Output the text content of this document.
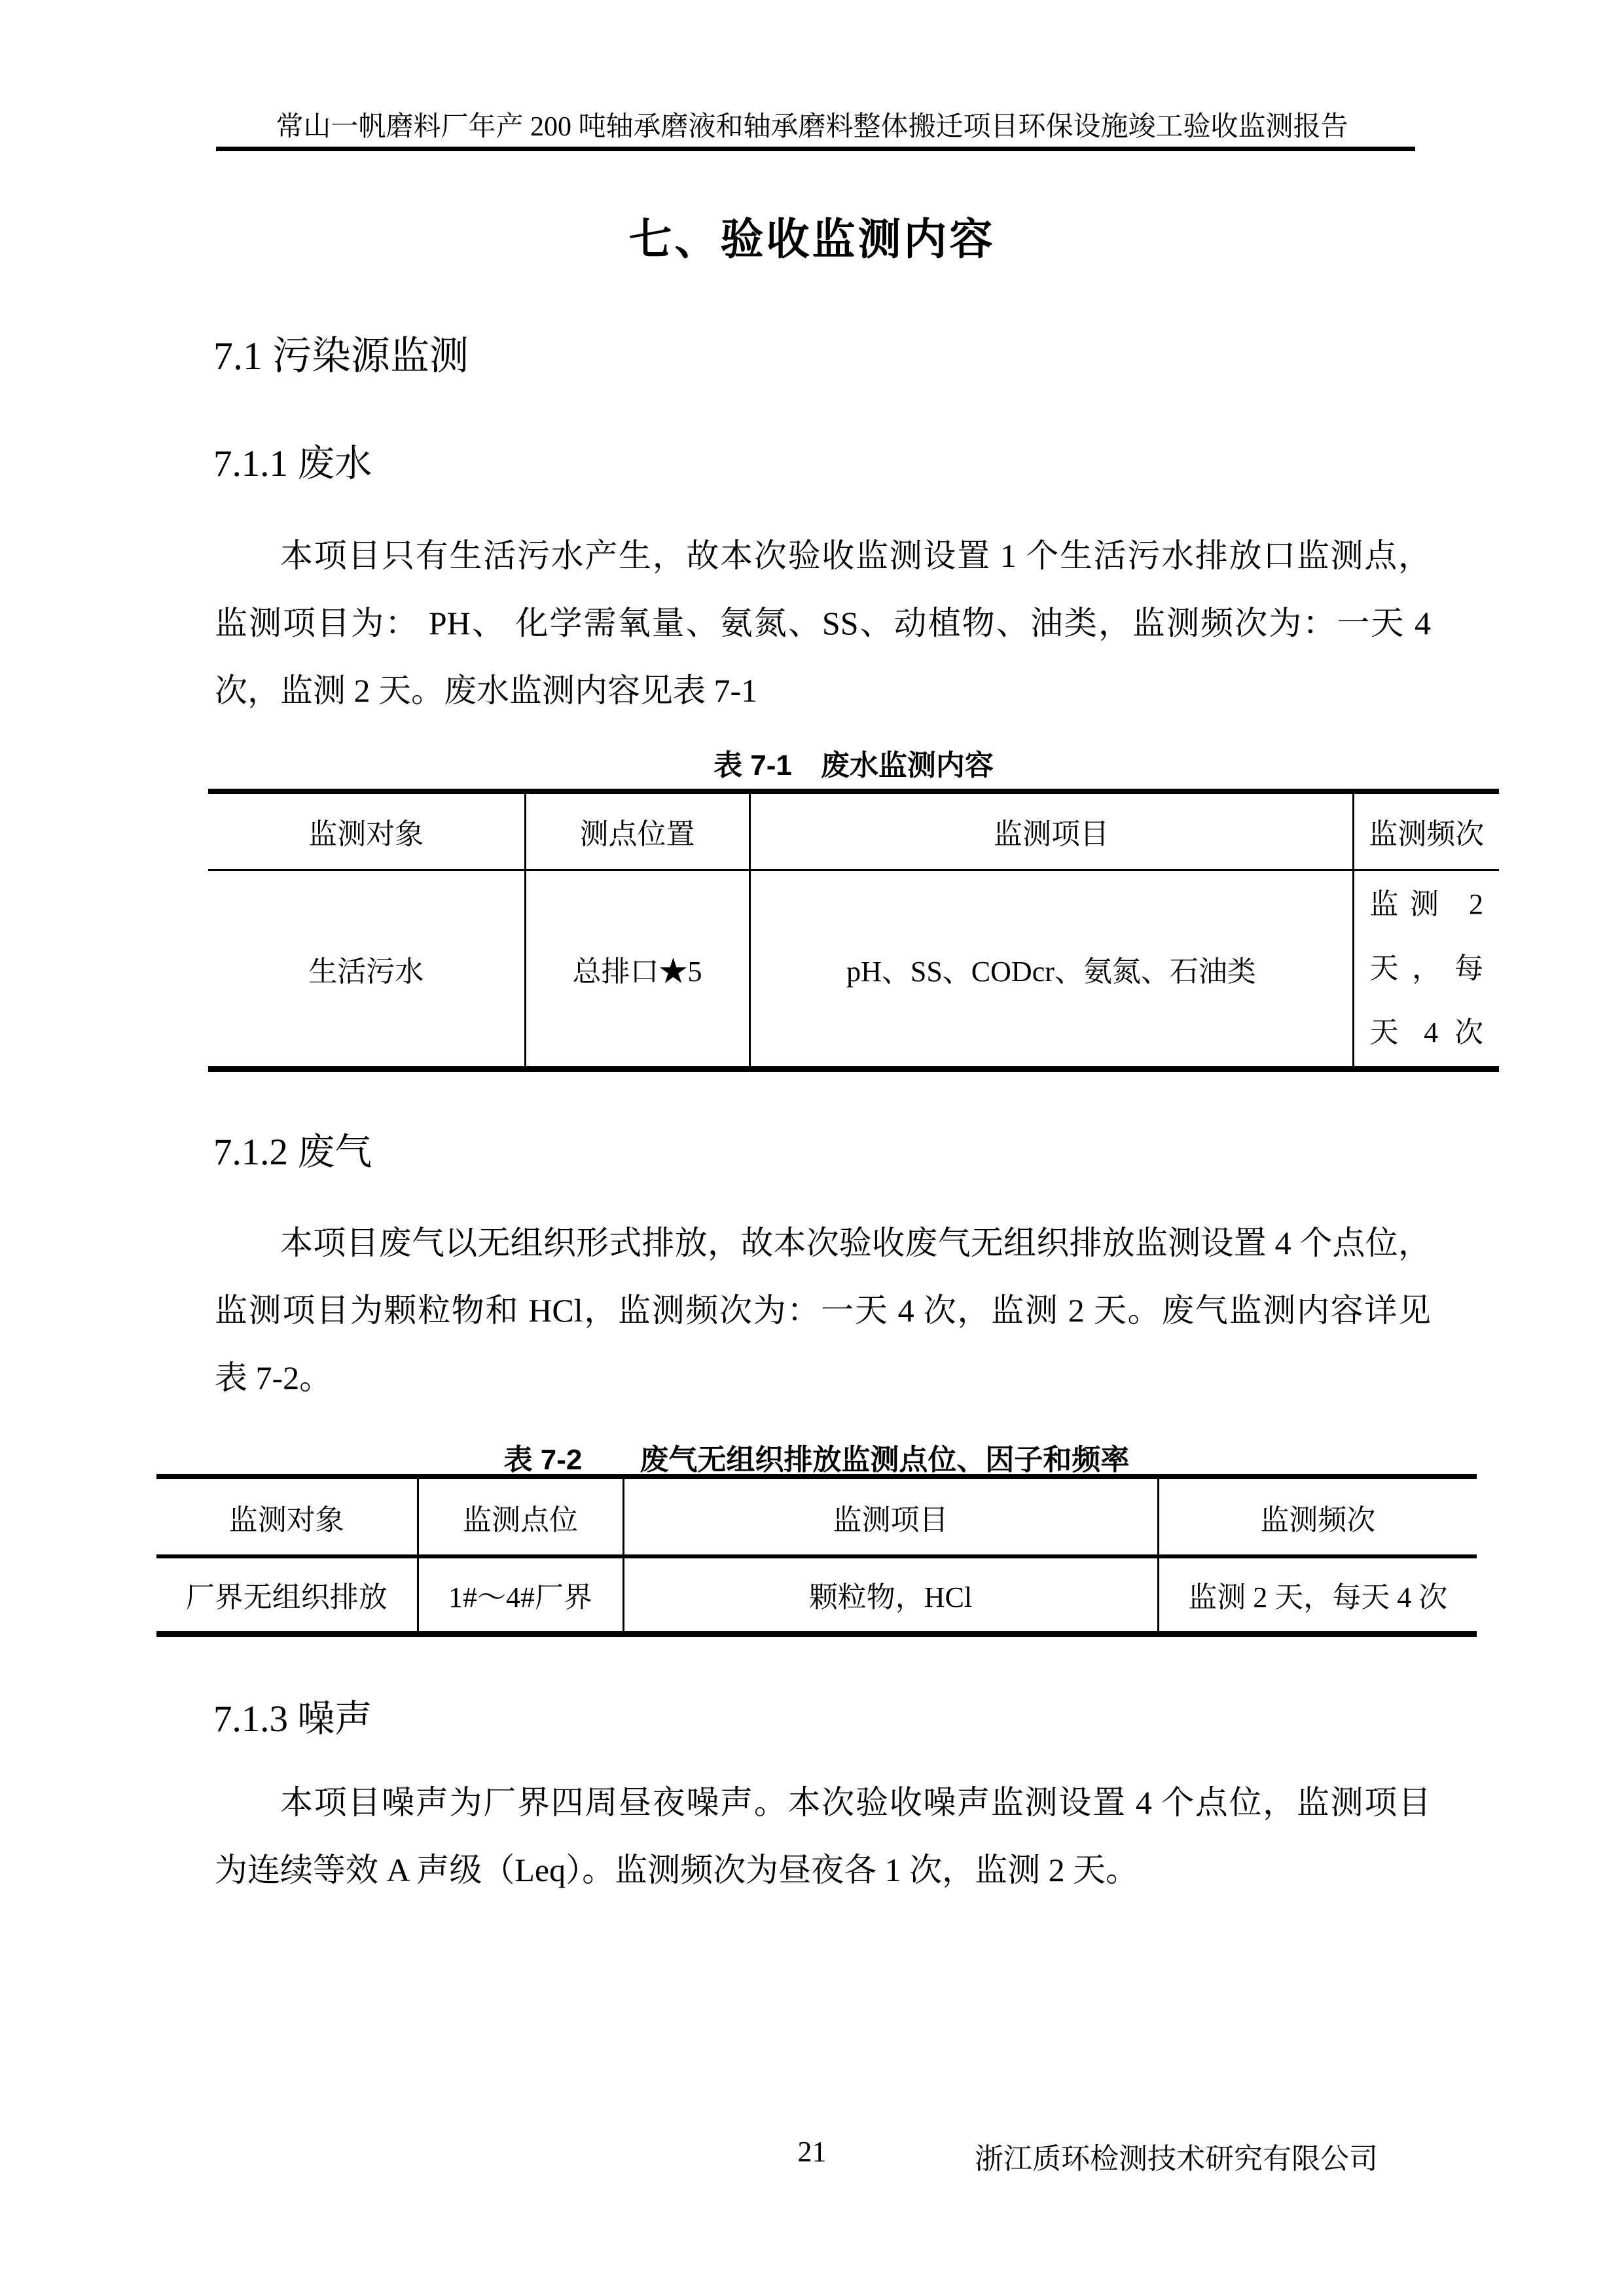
常山一帆磨料厂年产 200 吨轴承磨液和轴承磨料整体搬迁项目环保设施竣工验收监测报告
七、验收监测内容
7.1 污染源监测
7.1.1 废水
本项目只有生活污水产生，故本次验收监测设置 1 个生活污水排放口监测点，
监测项目为： PH、 化学需氧量、氨氮、SS、动植物、油类，监测频次为：一天 4
次，监测 2 天。废水监测内容见表 7-1
表 7-1　废水监测内容
监测对象	测点位置	监测项目	监测频次
生活污水	总排口★5	pH、SS、CODcr、氨氮、石油类	监测 2
天，每
天 4 次
7.1.2 废气
本项目废气以无组织形式排放，故本次验收废气无组织排放监测设置 4 个点位，
监测项目为颗粒物和 HCl，监测频次为：一天 4 次，监测 2 天。废气监测内容详见
表 7-2。
表 7-2　　废气无组织排放监测点位、因子和频率
监测对象	监测点位	监测项目	监测频次
厂界无组织排放	1#～4#厂界	颗粒物，HCl	监测 2 天，每天 4 次
7.1.3 噪声
本项目噪声为厂界四周昼夜噪声。本次验收噪声监测设置 4 个点位，监测项目
为连续等效 A 声级（Leq）。监测频次为昼夜各 1 次，监测 2 天。
21	浙江质环检测技术研究有限公司
